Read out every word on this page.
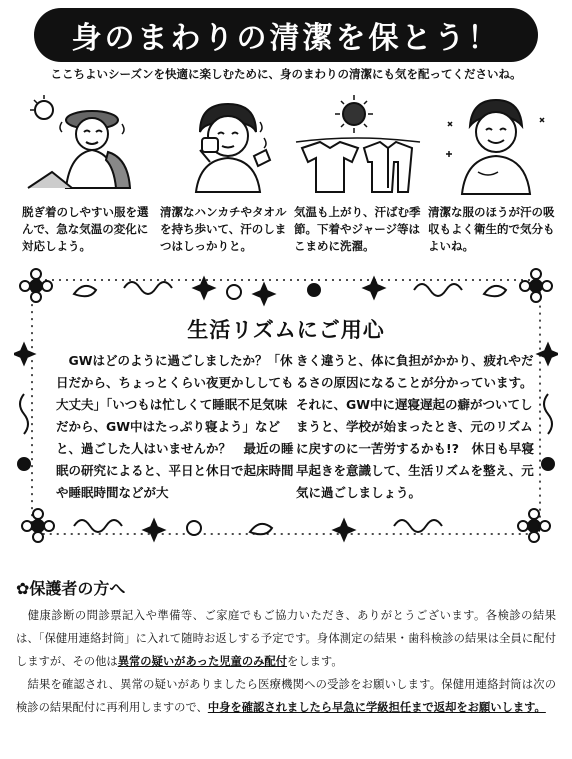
身のまわりの清潔を保とう！
ここちよいシーズンを快適に楽しむために、身のまわりの清潔にも気を配ってくださいね。
脱ぎ着のしやすい服を選んで、急な気温の変化に対応しよう。
清潔なハンカチやタオルを持ち歩いて、汗のしまつはしっかりと。
気温も上がり、汗ばむ季節。下着やジャージ等はこまめに洗濯。
清潔な服のほうが汗の吸収もよく衛生的で気分もよいね。
生活リズムにご用心
　GWはどのように過ごしましたか？「休日だから、ちょっとくらい夜更かししても大丈夫」「いつもは忙しくて睡眠不足気味だから、GW中はたっぷり寝よう」などと、過ごした人はいませんか？　最近の睡眠の研究によると、平日と休日で起床時間や睡眠時間などが大
きく違うと、体に負担がかかり、疲れやだるさの原因になることが分かっています。それに、GW中に遅寝遅起の癖がついてしまうと、学校が始まったとき、元のリズムに戻すのに一苦労するかも!?　休日も早寝早起きを意識して、生活リズムを整え、元気に過ごしましょう。
✿保護者の方へ
　健康診断の問診票記入や準備等、ご家庭でもご協力いただき、ありがとうございます。各検診の結果は、「保健用連絡封筒」に入れて随時お返しする予定です。身体測定の結果・歯科検診の結果は全員に配付しますが、その他は異常の疑いがあった児童のみ配付をします。
　結果を確認され、異常の疑いがありましたら医療機関への受診をお願いします。保健用連絡封筒は次の検診の結果配付に再利用しますので、中身を確認されましたら早急に学級担任まで返却をお願いします。
